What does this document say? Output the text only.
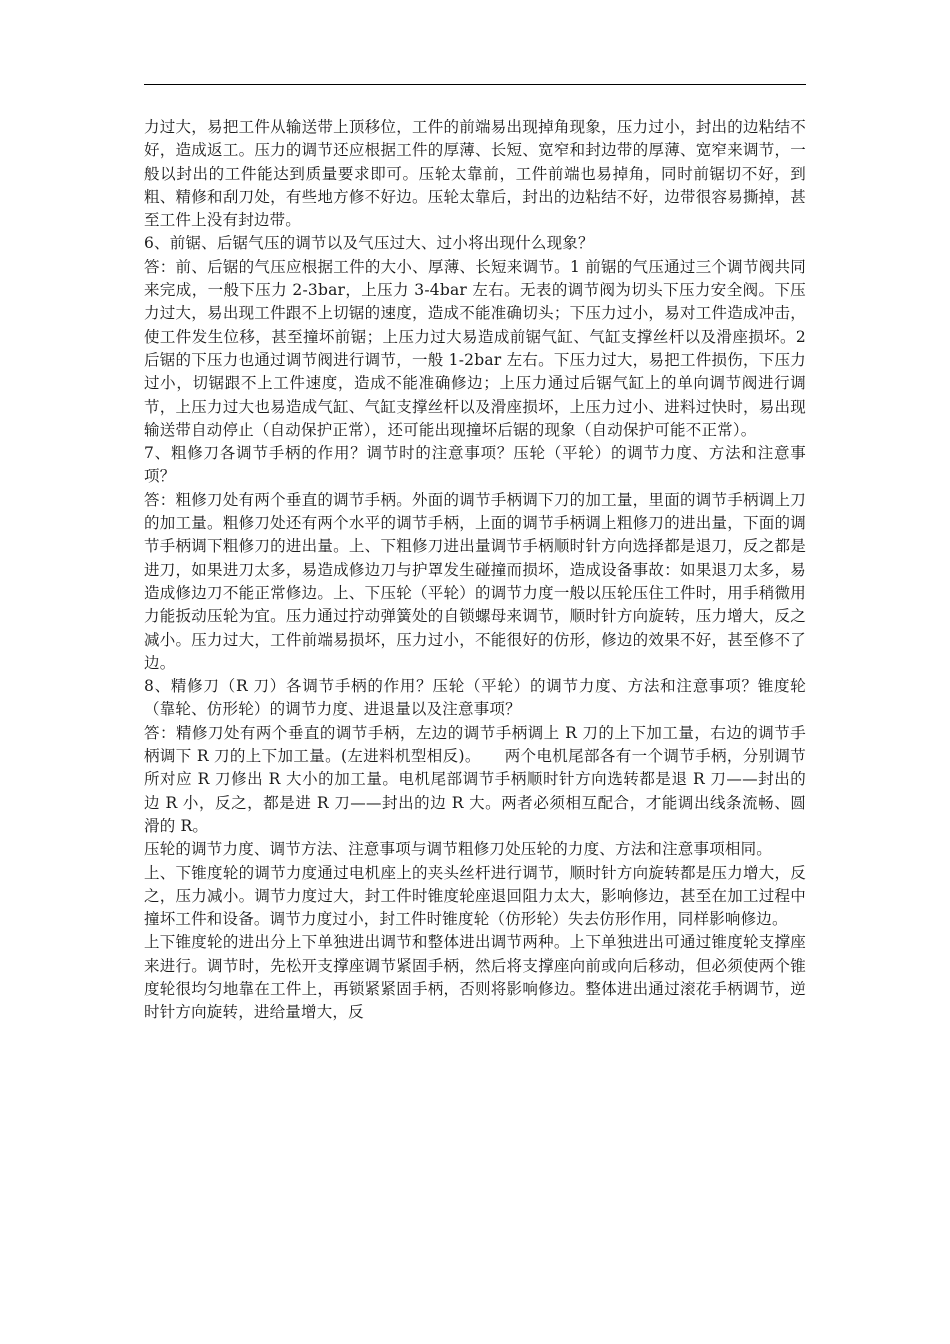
力过大，易把工件从输送带上顶移位，工件的前端易出现掉角现象，压力过小，封出的边粘结不好，造成返工。压力的调节还应根据工件的厚薄、长短、宽窄和封边带的厚薄、宽窄来调节，一般以封出的工件能达到质量要求即可。压轮太靠前，工件前端也易掉角，同时前锯切不好，到粗、精修和刮刀处，有些地方修不好边。压轮太靠后，封出的边粘结不好，边带很容易撕掉，甚至工件上没有封边带。

6、前锯、后锯气压的调节以及气压过大、过小将出现什么现象？

答：前、后锯的气压应根据工件的大小、厚薄、长短来调节。1 前锯的气压通过三个调节阀共同来完成，一般下压力 2-3bar，上压力 3-4bar 左右。无表的调节阀为切头下压力安全阀。下压力过大，易出现工件跟不上切锯的速度，造成不能准确切头；下压力过小，易对工件造成冲击，使工件发生位移，甚至撞坏前锯；上压力过大易造成前锯气缸、气缸支撑丝杆以及滑座损坏。2 后锯的下压力也通过调节阀进行调节，一般 1-2bar 左右。下压力过大，易把工件损伤，下压力过小，切锯跟不上工件速度，造成不能准确修边；上压力通过后锯气缸上的单向调节阀进行调节，上压力过大也易造成气缸、气缸支撑丝杆以及滑座损坏，上压力过小、进料过快时，易出现输送带自动停止（自动保护正常），还可能出现撞坏后锯的现象（自动保护可能不正常）。

7、粗修刀各调节手柄的作用？调节时的注意事项？压轮（平轮）的调节力度、方法和注意事项？

答：粗修刀处有两个垂直的调节手柄。外面的调节手柄调下刀的加工量，里面的调节手柄调上刀的加工量。粗修刀处还有两个水平的调节手柄，上面的调节手柄调上粗修刀的进出量，下面的调节手柄调下粗修刀的进出量。上、下粗修刀进出量调节手柄顺时针方向选择都是退刀，反之都是进刀，如果进刀太多，易造成修边刀与护罩发生碰撞而损坏，造成设备事故：如果退刀太多，易造成修边刀不能正常修边。上、下压轮（平轮）的调节力度一般以压轮压住工件时，用手稍微用力能扳动压轮为宜。压力通过拧动弹簧处的自锁螺母来调节，顺时针方向旋转，压力增大，反之减小。压力过大，工件前端易损坏，压力过小，不能很好的仿形，修边的效果不好，甚至修不了边。

8、精修刀（R 刀）各调节手柄的作用？压轮（平轮）的调节力度、方法和注意事项？锥度轮（靠轮、仿形轮）的调节力度、进退量以及注意事项？

答：精修刀处有两个垂直的调节手柄，左边的调节手柄调上 R 刀的上下加工量，右边的调节手柄调下 R 刀的上下加工量。(左进料机型相反)。　　两个电机尾部各有一个调节手柄，分别调节所对应 R 刀修出 R 大小的加工量。电机尾部调节手柄顺时针方向选转都是退 R 刀——封出的边 R 小，反之，都是进 R 刀——封出的边 R 大。两者必须相互配合，才能调出线条流畅、圆滑的 R。

压轮的调节力度、调节方法、注意事项与调节粗修刀处压轮的力度、方法和注意事项相同。

上、下锥度轮的调节力度通过电机座上的夹头丝杆进行调节，顺时针方向旋转都是压力增大，反之，压力减小。调节力度过大，封工件时锥度轮座退回阻力太大，影响修边，甚至在加工过程中撞坏工件和设备。调节力度过小，封工件时锥度轮（仿形轮）失去仿形作用，同样影响修边。

上下锥度轮的进出分上下单独进出调节和整体进出调节两种。上下单独进出可通过锥度轮支撑座来进行。调节时，先松开支撑座调节紧固手柄，然后将支撑座向前或向后移动，但必须使两个锥度轮很均匀地靠在工件上，再锁紧紧固手柄，否则将影响修边。整体进出通过滚花手柄调节，逆时针方向旋转，进给量增大，反
